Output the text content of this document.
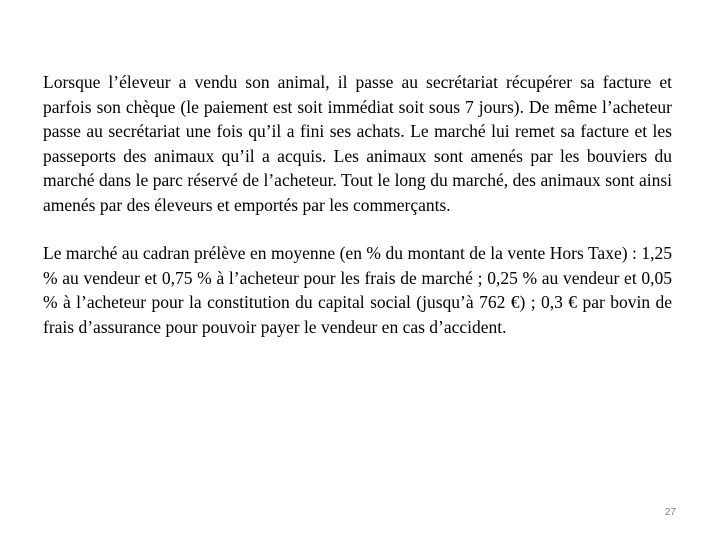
Lorsque l’éleveur a vendu son animal, il passe au secrétariat récupérer sa facture et parfois son chèque (le paiement est soit immédiat soit sous 7 jours). De même l’acheteur passe au secrétariat une fois qu’il a fini ses achats. Le marché lui remet sa facture et les passeports des animaux qu’il a acquis. Les animaux sont amenés par les bouviers du marché dans le parc réservé de l’acheteur. Tout le long du marché, des animaux sont ainsi amenés par des éleveurs et emportés par les commerçants.

Le marché au cadran prélève en moyenne (en % du montant de la vente Hors Taxe) : 1,25 % au vendeur et 0,75 % à l’acheteur pour les frais de marché ; 0,25 % au vendeur et 0,05 % à l’acheteur pour la constitution du capital social (jusqu’à 762 €) ; 0,3 € par bovin de frais d’assurance pour pouvoir payer le vendeur en cas d’accident.

27
